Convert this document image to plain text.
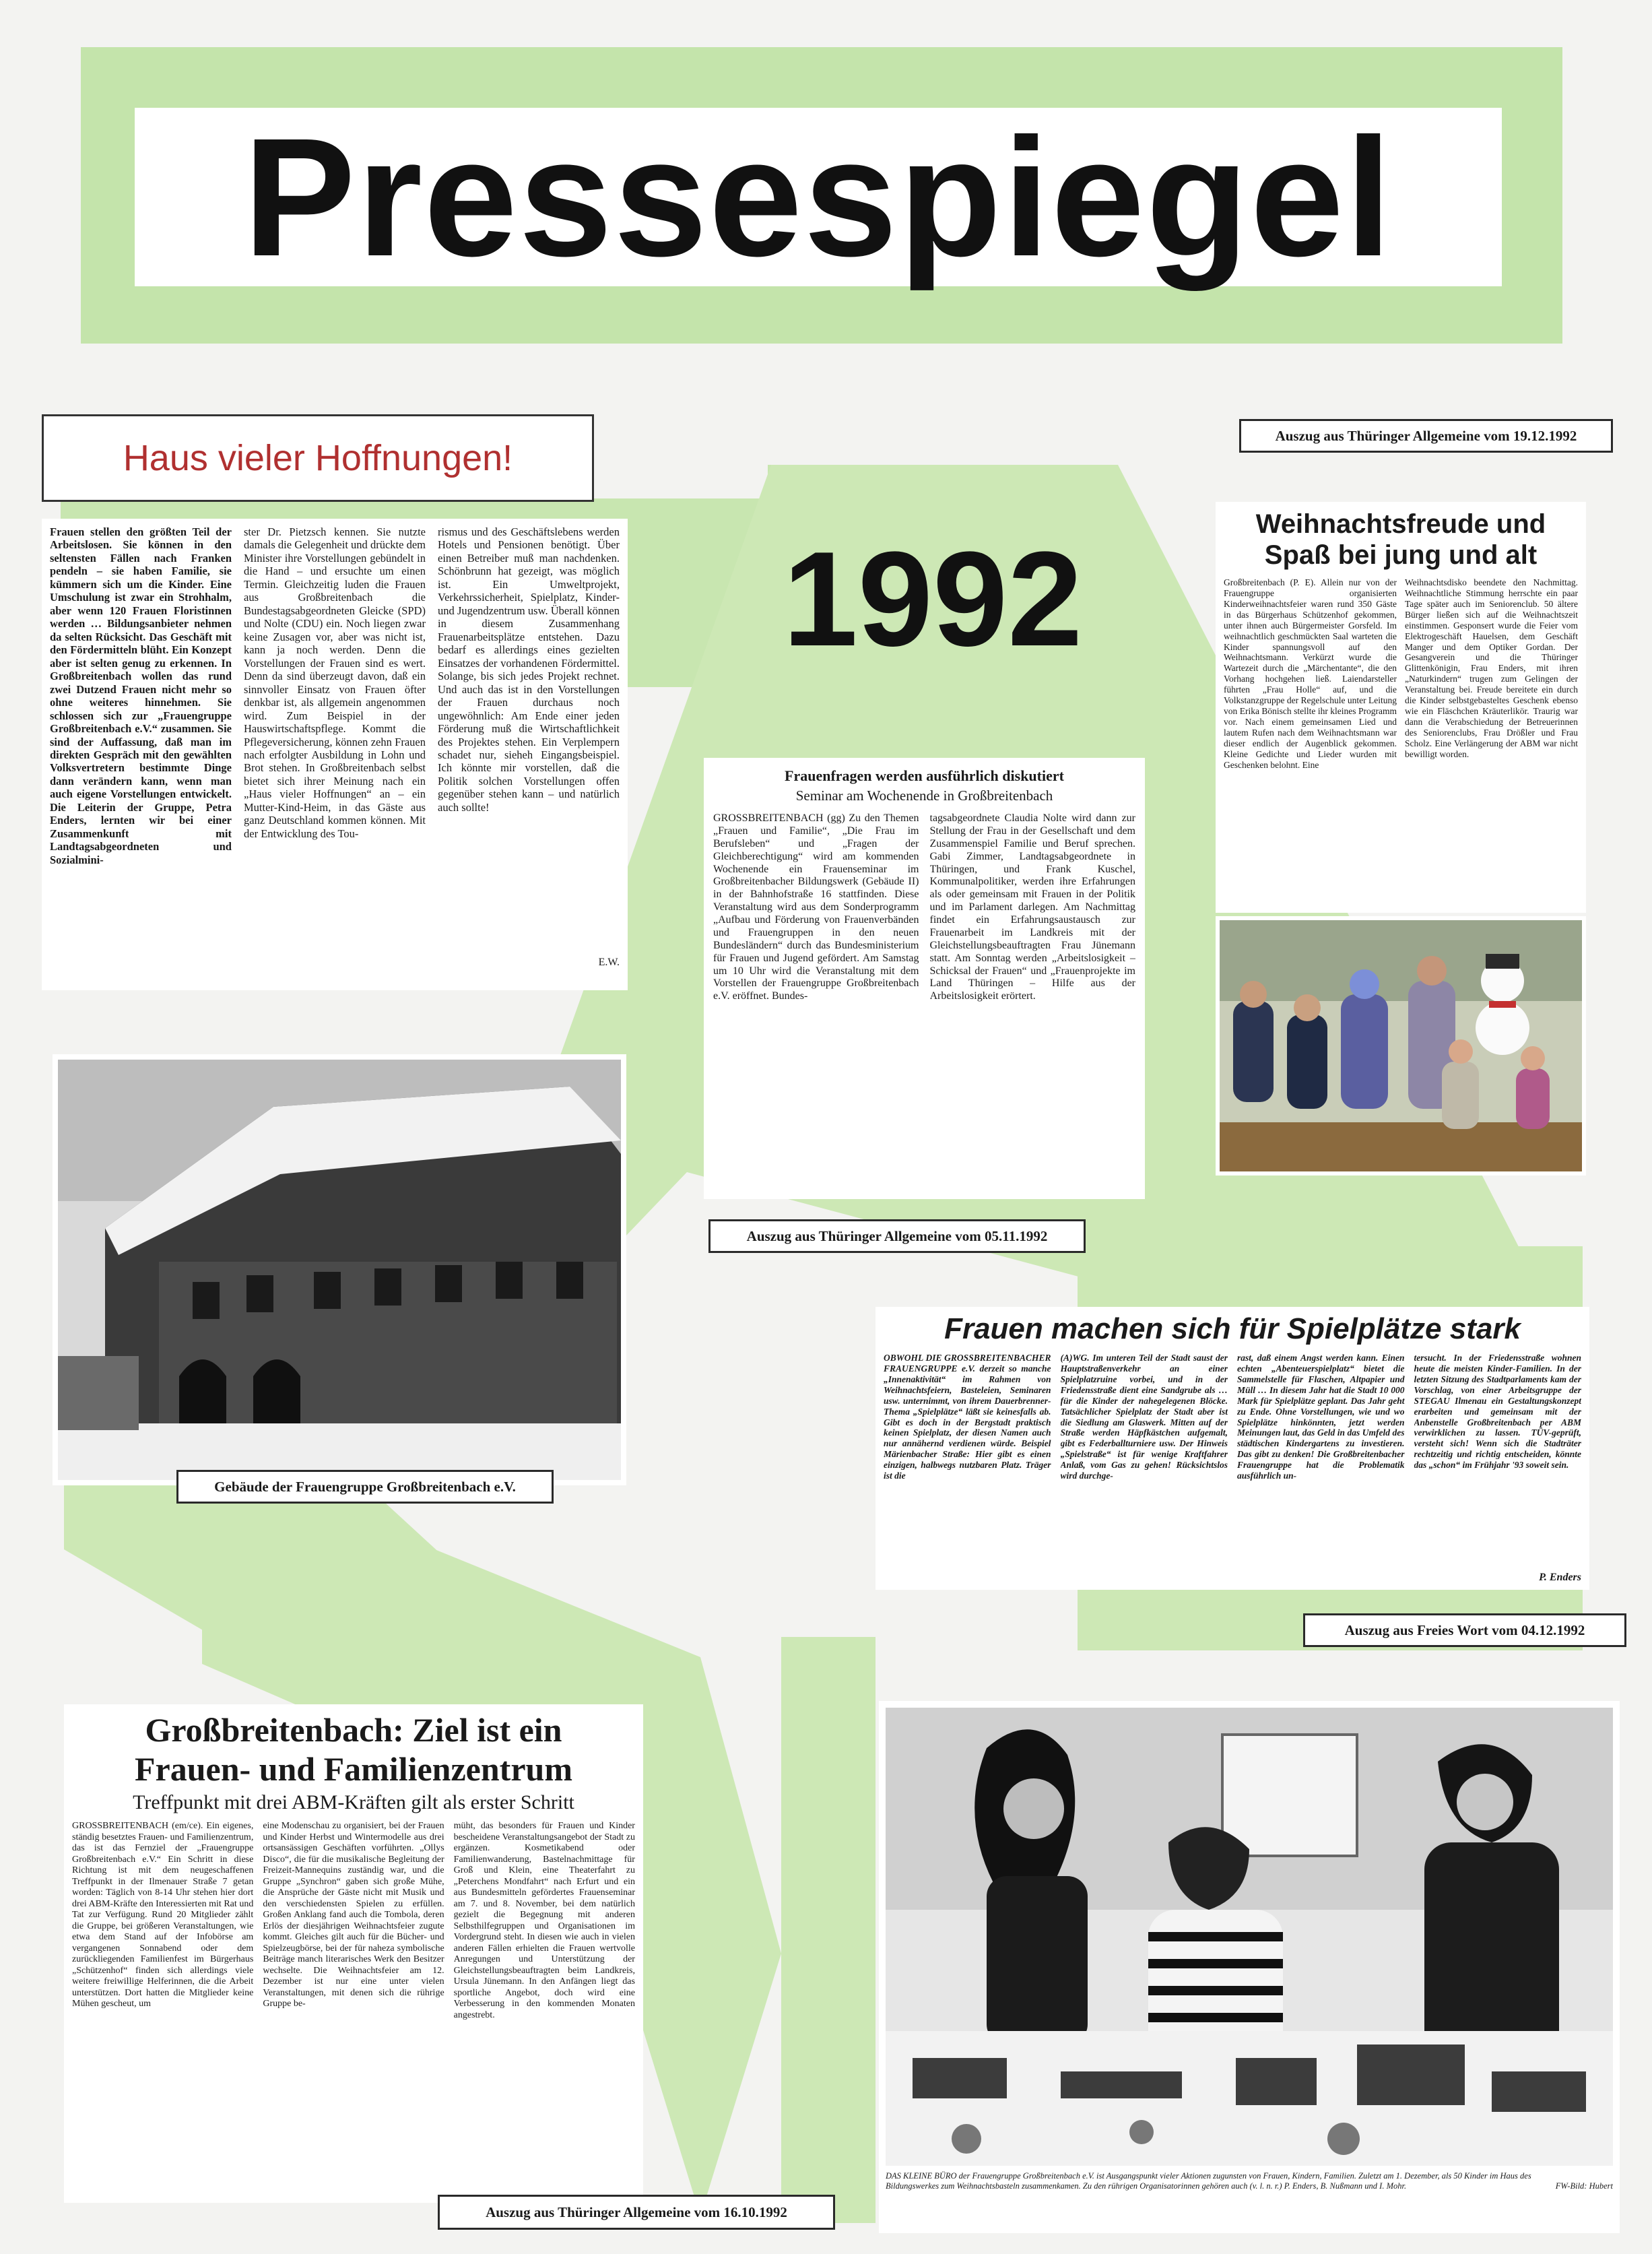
Pressespiegel
1992
Haus vieler Hoffnungen!
Frauen stellen den größten Teil der Arbeitslosen. Sie können in den seltensten Fällen nach Franken pendeln – sie haben Familie, sie kümmern sich um die Kinder. Eine Umschulung ist zwar ein Strohhalm, aber wenn 120 Frauen Floristinnen werden … Bildungsanbieter nehmen da selten Rücksicht. Das Geschäft mit den Fördermitteln blüht. Ein Konzept aber ist selten genug zu erkennen. In Großbreitenbach wollen das rund zwei Dutzend Frauen nicht mehr so ohne weiteres hinnehmen. Sie schlossen sich zur „Frauengruppe Großbreitenbach e.V.“ zusammen. Sie sind der Auffassung, daß man im direkten Gespräch mit den gewählten Volksvertretern bestimmte Dinge dann verändern kann, wenn man auch eigene Vorstellungen entwickelt. Die Leiterin der Gruppe, Petra Enders, lernten wir bei einer Zusammenkunft mit Landtagsabgeordneten und Sozialmini-
ster Dr. Pietzsch kennen. Sie nutzte damals die Gelegenheit und drückte dem Minister ihre Vorstellungen gebündelt in die Hand – und ersuchte um einen Termin. Gleichzeitig luden die Frauen aus Großbreitenbach die Bundestagsabgeordneten Gleicke (SPD) und Nolte (CDU) ein. Noch liegen zwar keine Zusagen vor, aber was nicht ist, kann ja noch werden. Denn die Vorstellungen der Frauen sind es wert. Denn da sind überzeugt davon, daß ein sinnvoller Einsatz von Frauen öfter denkbar ist, als allgemein angenommen wird. Zum Beispiel in der Hauswirtschaftspflege. Kommt die Pflegeversicherung, können zehn Frauen nach erfolgter Ausbildung in Lohn und Brot stehen. In Großbreitenbach selbst bietet sich ihrer Meinung nach ein „Haus vieler Hoffnungen“ an – ein Mutter-Kind-Heim, in das Gäste aus ganz Deutschland kommen können. Mit der Entwicklung des Tou-
rismus und des Geschäftslebens werden Hotels und Pensionen benötigt. Über einen Betreiber muß man nachdenken. Schönbrunn hat gezeigt, was möglich ist. Ein Umweltprojekt, Verkehrssicherheit, Spielplatz, Kinder- und Jugendzentrum usw. Überall können in diesem Zusammenhang Frauenarbeitsplätze entstehen. Dazu bedarf es allerdings eines gezielten Einsatzes der vorhandenen Fördermittel. Solange, bis sich jedes Projekt rechnet. Und auch das ist in den Vorstellungen der Frauen durchaus noch ungewöhnlich: Am Ende einer jeden Förderung muß die Wirtschaftlichkeit des Projektes stehen. Ein Verplempern schadet nur, sieheh Eingangsbeispiel. Ich könnte mir vorstellen, daß die Politik solchen Vorstellungen offen gegenüber stehen kann – und natürlich auch sollte!
E.W.
Gebäude der Frauengruppe Großbreitenbach e.V.
Frauenfragen werden ausführlich diskutiert
Seminar am Wochenende in Großbreitenbach
GROSSBREITENBACH (gg) Zu den Themen „Frauen und Familie“, „Die Frau im Berufsleben“ und „Fragen der Gleichberechtigung“ wird am kommenden Wochenende ein Frauenseminar im Großbreitenbacher Bildungswerk (Gebäude II) in der Bahnhofstraße 16 stattfinden. Diese Veranstaltung wird aus dem Sonderprogramm „Aufbau und Förderung von Frauenverbänden und Frauengruppen in den neuen Bundesländern“ durch das Bundesministerium für Frauen und Jugend gefördert. Am Samstag um 10 Uhr wird die Veranstaltung mit dem Vorstellen der Frauengruppe Großbreitenbach e.V. eröffnet. Bundes-
tagsabgeordnete Claudia Nolte wird dann zur Stellung der Frau in der Gesellschaft und dem Zusammenspiel Familie und Beruf sprechen. Gabi Zimmer, Landtagsabgeordnete in Thüringen, und Frank Kuschel, Kommunalpolitiker, werden ihre Erfahrungen als oder gemeinsam mit Frauen in der Politik und im Parlament darlegen. Am Nachmittag findet ein Erfahrungsaustausch zur Frauenarbeit im Landkreis mit der Gleichstellungsbeauftragten Frau Jünemann statt. Am Sonntag werden „Arbeitslosigkeit – Schicksal der Frauen“ und „Frauenprojekte im Land Thüringen – Hilfe aus der Arbeitslosigkeit erörtert.
Auszug aus Thüringer Allgemeine vom 05.11.1992
Auszug aus Thüringer Allgemeine vom 19.12.1992
Weihnachtsfreude und Spaß bei jung und alt
Großbreitenbach (P. E). Allein nur von der Frauengruppe organisierten Kinderweihnachtsfeier waren rund 350 Gäste in das Bürgerhaus Schützenhof gekommen, unter ihnen auch Bürgermeister Gorsfeld. Im weihnachtlich geschmückten Saal warteten die Kinder spannungsvoll auf den Weihnachtsmann. Verkürzt wurde die Wartezeit durch die „Märchentante“, die den Vorhang hochgehen ließ. Laiendarsteller führten „Frau Holle“ auf, und die Volkstanzgruppe der Regelschule unter Leitung von Erika Bönisch stellte ihr kleines Programm vor. Nach einem gemeinsamen Lied und lautem Rufen nach dem Weihnachtsmann war dieser endlich der Augenblick gekommen. Kleine Gedichte und Lieder wurden mit Geschenken belohnt. Eine
Weihnachtsdisko beendete den Nachmittag. Weihnachtliche Stimmung herrschte ein paar Tage später auch im Seniorenclub. 50 ältere Bürger ließen sich auf die Weihnachtszeit einstimmen. Gesponsert wurde die Feier vom Elektrogeschäft Hauelsen, dem Geschäft Manger und dem Optiker Gordan. Der Gesangverein und die Thüringer Glittenkönigin, Frau Enders, mit ihren „Naturkindern“ trugen zum Gelingen der Veranstaltung bei. Freude bereitete ein durch die Kinder selbstgebasteltes Geschenk ebenso wie ein Fläschchen Kräuterlikör. Traurig war dann die Verabschiedung der Betreuerinnen des Seniorenclubs, Frau Drößler und Frau Scholz. Eine Verlängerung der ABM war nicht bewilligt worden.
Frauen machen sich für Spielplätze stark
OBWOHL DIE GROSSBREITENBACHER FRAUENGRUPPE e.V. derzeit so manche „Innenaktivität“ im Rahmen von Weihnachtsfeiern, Basteleien, Seminaren usw. unternimmt, von ihrem Dauerbrenner-Thema „Spielplätze“ läßt sie keinesfalls ab. Gibt es doch in der Bergstadt praktisch keinen Spielplatz, der diesen Namen auch nur annähernd verdienen würde. Beispiel Märienbacher Straße: Hier gibt es einen einzigen, halbwegs nutzbaren Platz. Träger ist die
(A)WG. Im unteren Teil der Stadt saust der Hauptstraßenverkehr an einer Spielplatzruine vorbei, und in der Friedensstraße dient eine Sandgrube als … für die Kinder der nahegelegenen Blöcke. Tatsächlicher Spielplatz der Stadt aber ist die Siedlung am Glaswerk. Mitten auf der Straße werden Häpfkästchen aufgemalt, gibt es Federballturniere usw. Der Hinweis „Spielstraße“ ist für wenige Kraftfahrer Anlaß, vom Gas zu gehen! Rücksichtslos wird durchge-
rast, daß einem Angst werden kann. Einen echten „Abenteuerspielplatz“ bietet die Sammelstelle für Flaschen, Altpapier und Müll … In diesem Jahr hat die Stadt 10 000 Mark für Spielplätze geplant. Das Jahr geht zu Ende. Ohne Vorstellungen, wie und wo Spielplätze hinkönnten, jetzt werden Meinungen laut, das Geld in das Umfeld des städtischen Kindergartens zu investieren. Das gibt zu denken! Die Großbreitenbacher Frauengruppe hat die Problematik ausführlich un-
tersucht. In der Friedensstraße wohnen heute die meisten Kinder-Familien. In der letzten Sitzung des Stadtparlaments kam der Vorschlag, von einer Arbeitsgruppe der STEGAU Ilmenau ein Gestaltungskonzept erarbeiten und gemeinsam mit der Anbenstelle Großbreitenbach per ABM verwirklichen zu lassen. TÜV-geprüft, versteht sich! Wenn sich die Stadträter rechtzeitig und richtig entscheiden, könnte das „schon“ im Frühjahr '93 soweit sein.
P. Enders
Auszug aus Freies Wort vom 04.12.1992
Großbreitenbach: Ziel ist ein
Frauen- und Familienzentrum
Treffpunkt mit drei ABM-Kräften gilt als erster Schritt
GROSSBREITENBACH (em/ce). Ein eigenes, ständig besetztes Frauen- und Familienzentrum, das ist das Fernziel der „Frauengruppe Großbreitenbach e.V.“ Ein Schritt in diese Richtung ist mit dem neugeschaffenen Treffpunkt in der Ilmenauer Straße 7 getan worden: Täglich von 8-14 Uhr stehen hier dort drei ABM-Kräfte den Interessierten mit Rat und Tat zur Verfügung. Rund 20 Mitglieder zählt die Gruppe, bei größeren Veranstaltungen, wie etwa dem Stand auf der Infobörse am vergangenen Sonnabend oder dem zurückliegenden Familienfest im Bürgerhaus „Schützenhof“ finden sich allerdings viele weitere freiwillige Helferinnen, die die Arbeit unterstützen. Dort hatten die Mitglieder keine Mühen gescheut, um
eine Modenschau zu organisiert, bei der Frauen und Kinder Herbst und Wintermodelle aus drei ortsansässigen Geschäften vorführten. „Ollys Disco“, die für die musikalische Begleitung der Freizeit-Mannequins zuständig war, und die Gruppe „Synchron“ gaben sich große Mühe, die Ansprüche der Gäste nicht mit Musik und den verschiedensten Spielen zu erfüllen. Großen Anklang fand auch die Tombola, deren Erlös der diesjährigen Weihnachtsfeier zugute kommt. Gleiches gilt auch für die Bücher- und Spielzeugbörse, bei der für naheza symbolische Beiträge manch literarisches Werk den Besitzer wechselte. Die Weihnachtsfeier am 12. Dezember ist nur eine unter vielen Veranstaltungen, mit denen sich die rührige Gruppe be-
müht, das besonders für Frauen und Kinder bescheidene Veranstaltungsangebot der Stadt zu ergänzen. Kosmetikabend oder Familienwanderung, Bastelnachmittage für Groß und Klein, eine Theaterfahrt zu „Peterchens Mondfahrt“ nach Erfurt und ein aus Bundesmitteln gefördertes Frauenseminar am 7. und 8. November, bei dem natürlich gezielt die Begegnung mit anderen Selbsthilfegruppen und Organisationen im Vordergrund steht. In diesen wie auch in vielen anderen Fällen erhielten die Frauen wertvolle Anregungen und Unterstützung der Gleichstellungsbeauftragten beim Landkreis, Ursula Jünemann. In den Anfängen liegt das sportliche Angebot, doch wird eine Verbesserung in den kommenden Monaten angestrebt.
Auszug aus Thüringer Allgemeine vom 16.10.1992
DAS KLEINE BÜRO der Frauengruppe Großbreitenbach e.V. ist Ausgangspunkt vieler Aktionen zugunsten von Frauen, Kindern, Familien. Zuletzt am 1. Dezember, als 50 Kinder im Haus des Bildungswerkes zum Weihnachtsbasteln zusammenkamen. Zu den rührigen Organisatorinnen gehören auch (v. l. n. r.) P. Enders, B. Nußmann und I. Mohr.	FW-Bild: Hubert
